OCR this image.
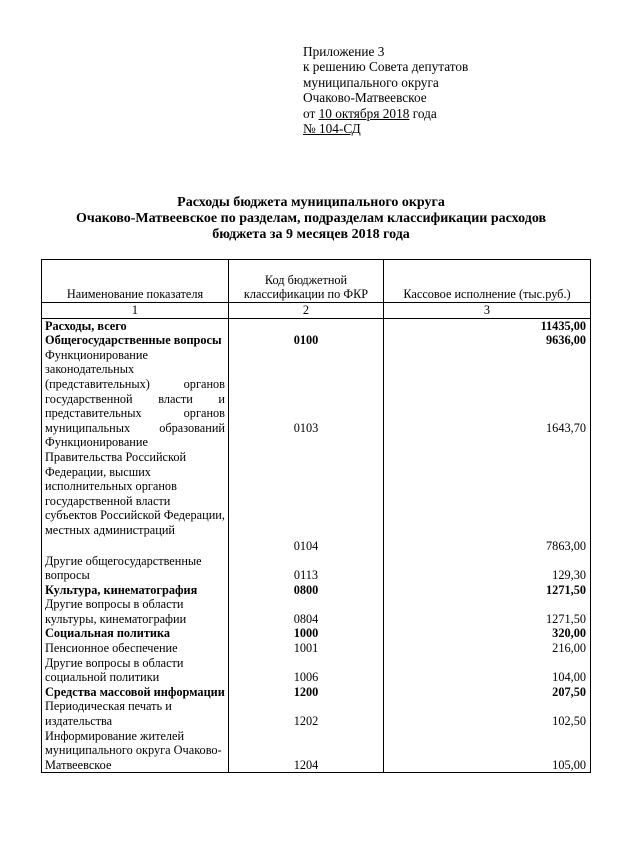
Приложение 3
к решению Совета депутатов
муниципального округа
Очаково-Матвеевское
от 10 октября 2018 года
№ 104-СД
Расходы бюджета муниципального округа
Очаково-Матвеевское по разделам, подразделам классификации расходов
бюджета за 9 месяцев 2018 года
Наименование показателя	Код бюджетной классификации по ФКР	Кассовое исполнение (тыс.руб.)
1	2	3
Расходы, всего		11435,00
Общегосударственные вопросы	0100	9636,00
Функционирование законодательных (представительных) органов государственной власти и представительных органов муниципальных образований	0103	1643,70
Функционирование Правительства Российской Федерации, высших исполнительных органов государственной власти субъектов Российской Федерации, местных администраций	0104	7863,00
Другие общегосударственные вопросы	0113	129,30
Культура, кинематография	0800	1271,50
Другие вопросы в области культуры, кинематографии	0804	1271,50
Социальная политика	1000	320,00
Пенсионное обеспечение	1001	216,00
Другие вопросы в области социальной политики	1006	104,00
Средства массовой информации	1200	207,50
Периодическая печать и издательства	1202	102,50
Информирование жителей муниципального округа Очаково-Матвеевское	1204	105,00
